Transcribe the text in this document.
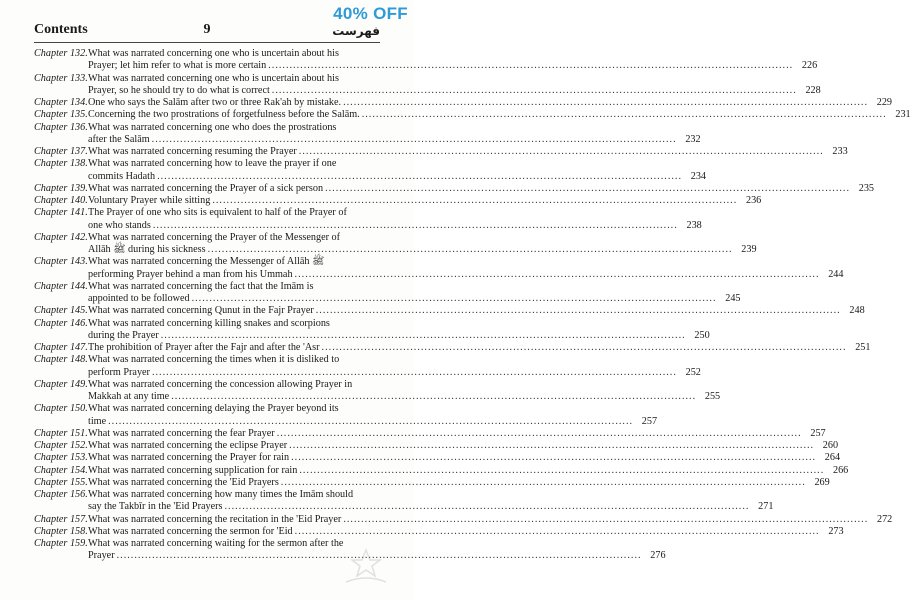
40% OFF
Contents	9	فهرست
Chapter 132. What was narrated concerning one who is uncertain about his
Prayer; let him refer to what is more certain .....	226
Chapter 133. What was narrated concerning one who is uncertain about his
Prayer, so he should try to do what is correct .....	228
Chapter 134. One who says the Salām after two or three Rak'ah by mistake. .....	229
Chapter 135. Concerning the two prostrations of forgetfulness before the Salām. .....	231
Chapter 136. What was narrated concerning one who does the prostrations
after the Salām .....	232
Chapter 137. What was narrated concerning resuming the Prayer .....	233
Chapter 138. What was narrated concerning how to leave the prayer if one
commits Hadath .....	234
Chapter 139. What was narrated concerning the Prayer of a sick person .....	235
Chapter 140. Voluntary Prayer while sitting .....	236
Chapter 141. The Prayer of one who sits is equivalent to half of the Prayer of
one who stands .....	238
Chapter 142. What was narrated concerning the Prayer of the Messenger of
Allāh ﷺ during his sickness .....	239
Chapter 143. What was narrated concerning the Messenger of Allāh ﷺ
performing Prayer behind a man from his Ummah .....	244
Chapter 144. What was narrated concerning the fact that the Imām is
appointed to be followed .....	245
Chapter 145. What was narrated concerning Qunut in the Fajr Prayer .....	248
Chapter 146. What was narrated concerning killing snakes and scorpions
during the Prayer .....	250
Chapter 147. The prohibition of Prayer after the Fajr and after the 'Asr .....	251
Chapter 148. What was narrated concerning the times when it is disliked to
perform Prayer .....	252
Chapter 149. What was narrated concerning the concession allowing Prayer in
Makkah at any time .....	255
Chapter 150. What was narrated concerning delaying the Prayer beyond its
time .....	257
Chapter 151. What was narrated concerning the fear Prayer .....	257
Chapter 152. What was narrated concerning the eclipse Prayer .....	260
Chapter 153. What was narrated concerning the Prayer for rain .....	264
Chapter 154. What was narrated concerning supplication for rain .....	266
Chapter 155. What was narrated concerning the 'Eid Prayers .....	269
Chapter 156. What was narrated concerning how many times the Imām should
say the Takbīr in the 'Eid Prayers .....	271
Chapter 157. What was narrated concerning the recitation in the 'Eid Prayer .....	272
Chapter 158. What was narrated concerning the sermon for 'Eid .....	273
Chapter 159. What was narrated concerning waiting for the sermon after the
Prayer .....	276
